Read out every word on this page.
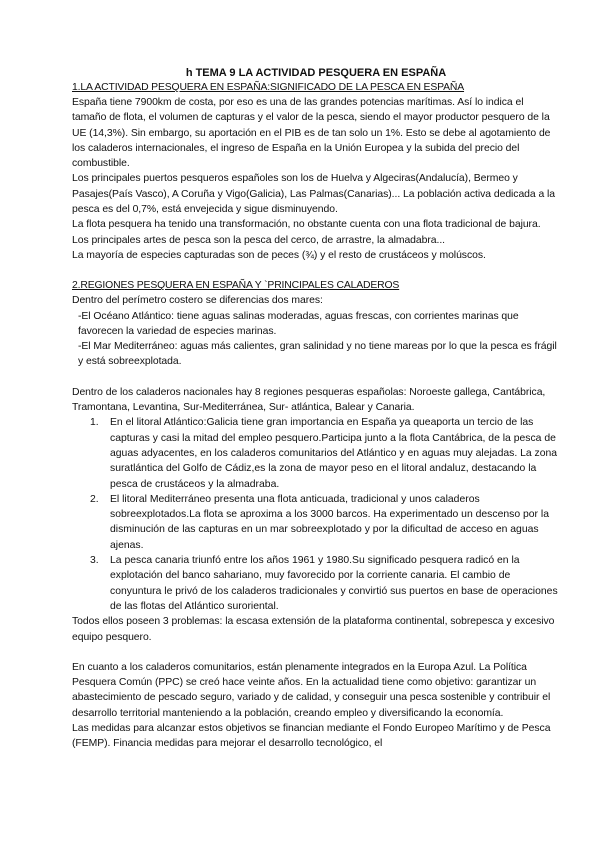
h TEMA 9 LA ACTIVIDAD PESQUERA EN ESPAÑA
1.LA ACTIVIDAD PESQUERA EN ESPAÑA:SIGNIFICADO DE LA PESCA EN ESPAÑA

España tiene 7900km de costa, por eso es una de las grandes potencias marítimas. Así lo indica el tamaño de flota, el volumen de capturas y el valor de la pesca, siendo el mayor productor pesquero de la UE (14,3%). Sin embargo, su aportación en el PIB es de tan solo un 1%. Esto se debe al agotamiento de los caladeros internacionales, el ingreso de España en la Unión Europea y la subida del precio del combustible.

Los principales puertos pesqueros españoles son los de Huelva y Algeciras(Andalucía), Bermeo y Pasajes(País Vasco), A Coruña y Vigo(Galicia), Las Palmas(Canarias)... La población activa dedicada a la pesca es del 0,7%, está envejecida y sigue disminuyendo.

La flota pesquera ha tenido una transformación, no obstante cuenta con una flota tradicional de bajura.

Los principales artes de pesca son la pesca del cerco, de arrastre, la almadabra...

La mayoría de especies capturadas son de peces (¾) y el resto de crustáceos y molúscos.

2.REGIONES PESQUERA EN ESPAÑA Y `PRINCIPALES CALADEROS

Dentro del perímetro costero se diferencias dos mares:

-El Océano Atlántico: tiene aguas salinas moderadas, aguas frescas, con corrientes marinas que favorecen la variedad de especies marinas.

-El Mar Mediterráneo: aguas más calientes, gran salinidad y no tiene mareas por lo que la pesca es frágil y está sobreexplotada.

Dentro de los caladeros nacionales hay 8 regiones pesqueras españolas: Noroeste gallega, Cantábrica, Tramontana, Levantina, Sur-Mediterránea, Sur- atlántica, Balear y Canaria.

1. En el litoral Atlántico:Galicia tiene gran importancia en España ya queaporta un tercio de las capturas y casi la mitad del empleo pesquero.Participa junto a la flota Cantábrica, de la pesca de aguas adyacentes, en los caladeros comunitarios del Atlántico y en aguas muy alejadas. La zona suratlántica del Golfo de Cádiz,es la zona de mayor peso en el litoral andaluz, destacando la pesca de crustáceos y la almadraba.
2. El litoral Mediterráneo presenta una flota anticuada, tradicional y unos caladeros sobreexplotados.La flota se aproxima a los 3000 barcos. Ha experimentado un descenso por la disminución de las capturas en un mar sobreexplotado y por la dificultad de acceso en aguas ajenas.
3. La pesca canaria triunfó entre los años 1961 y 1980.Su significado pesquera radicó en la explotación del banco sahariano, muy favorecido por la corriente canaria. El cambio de conyuntura le privó de los caladeros tradicionales y convirtió sus puertos en base de operaciones de las flotas del Atlántico suroriental.

Todos ellos poseen 3 problemas: la escasa extensión de la plataforma continental, sobrepesca y excesivo equipo pesquero.

En cuanto a los caladeros comunitarios, están plenamente integrados en la Europa Azul. La Política Pesquera Común (PPC) se creó hace veinte años. En la actualidad tiene como objetivo: garantizar un abastecimiento de pescado seguro, variado y de calidad, y conseguir una pesca sostenible y contribuir el desarrollo territorial manteniendo a la población, creando empleo y diversificando la economía.

Las medidas para alcanzar estos objetivos se financian mediante el Fondo Europeo Marítimo y de Pesca (FEMP). Financia medidas para mejorar el desarrollo tecnológico, el
